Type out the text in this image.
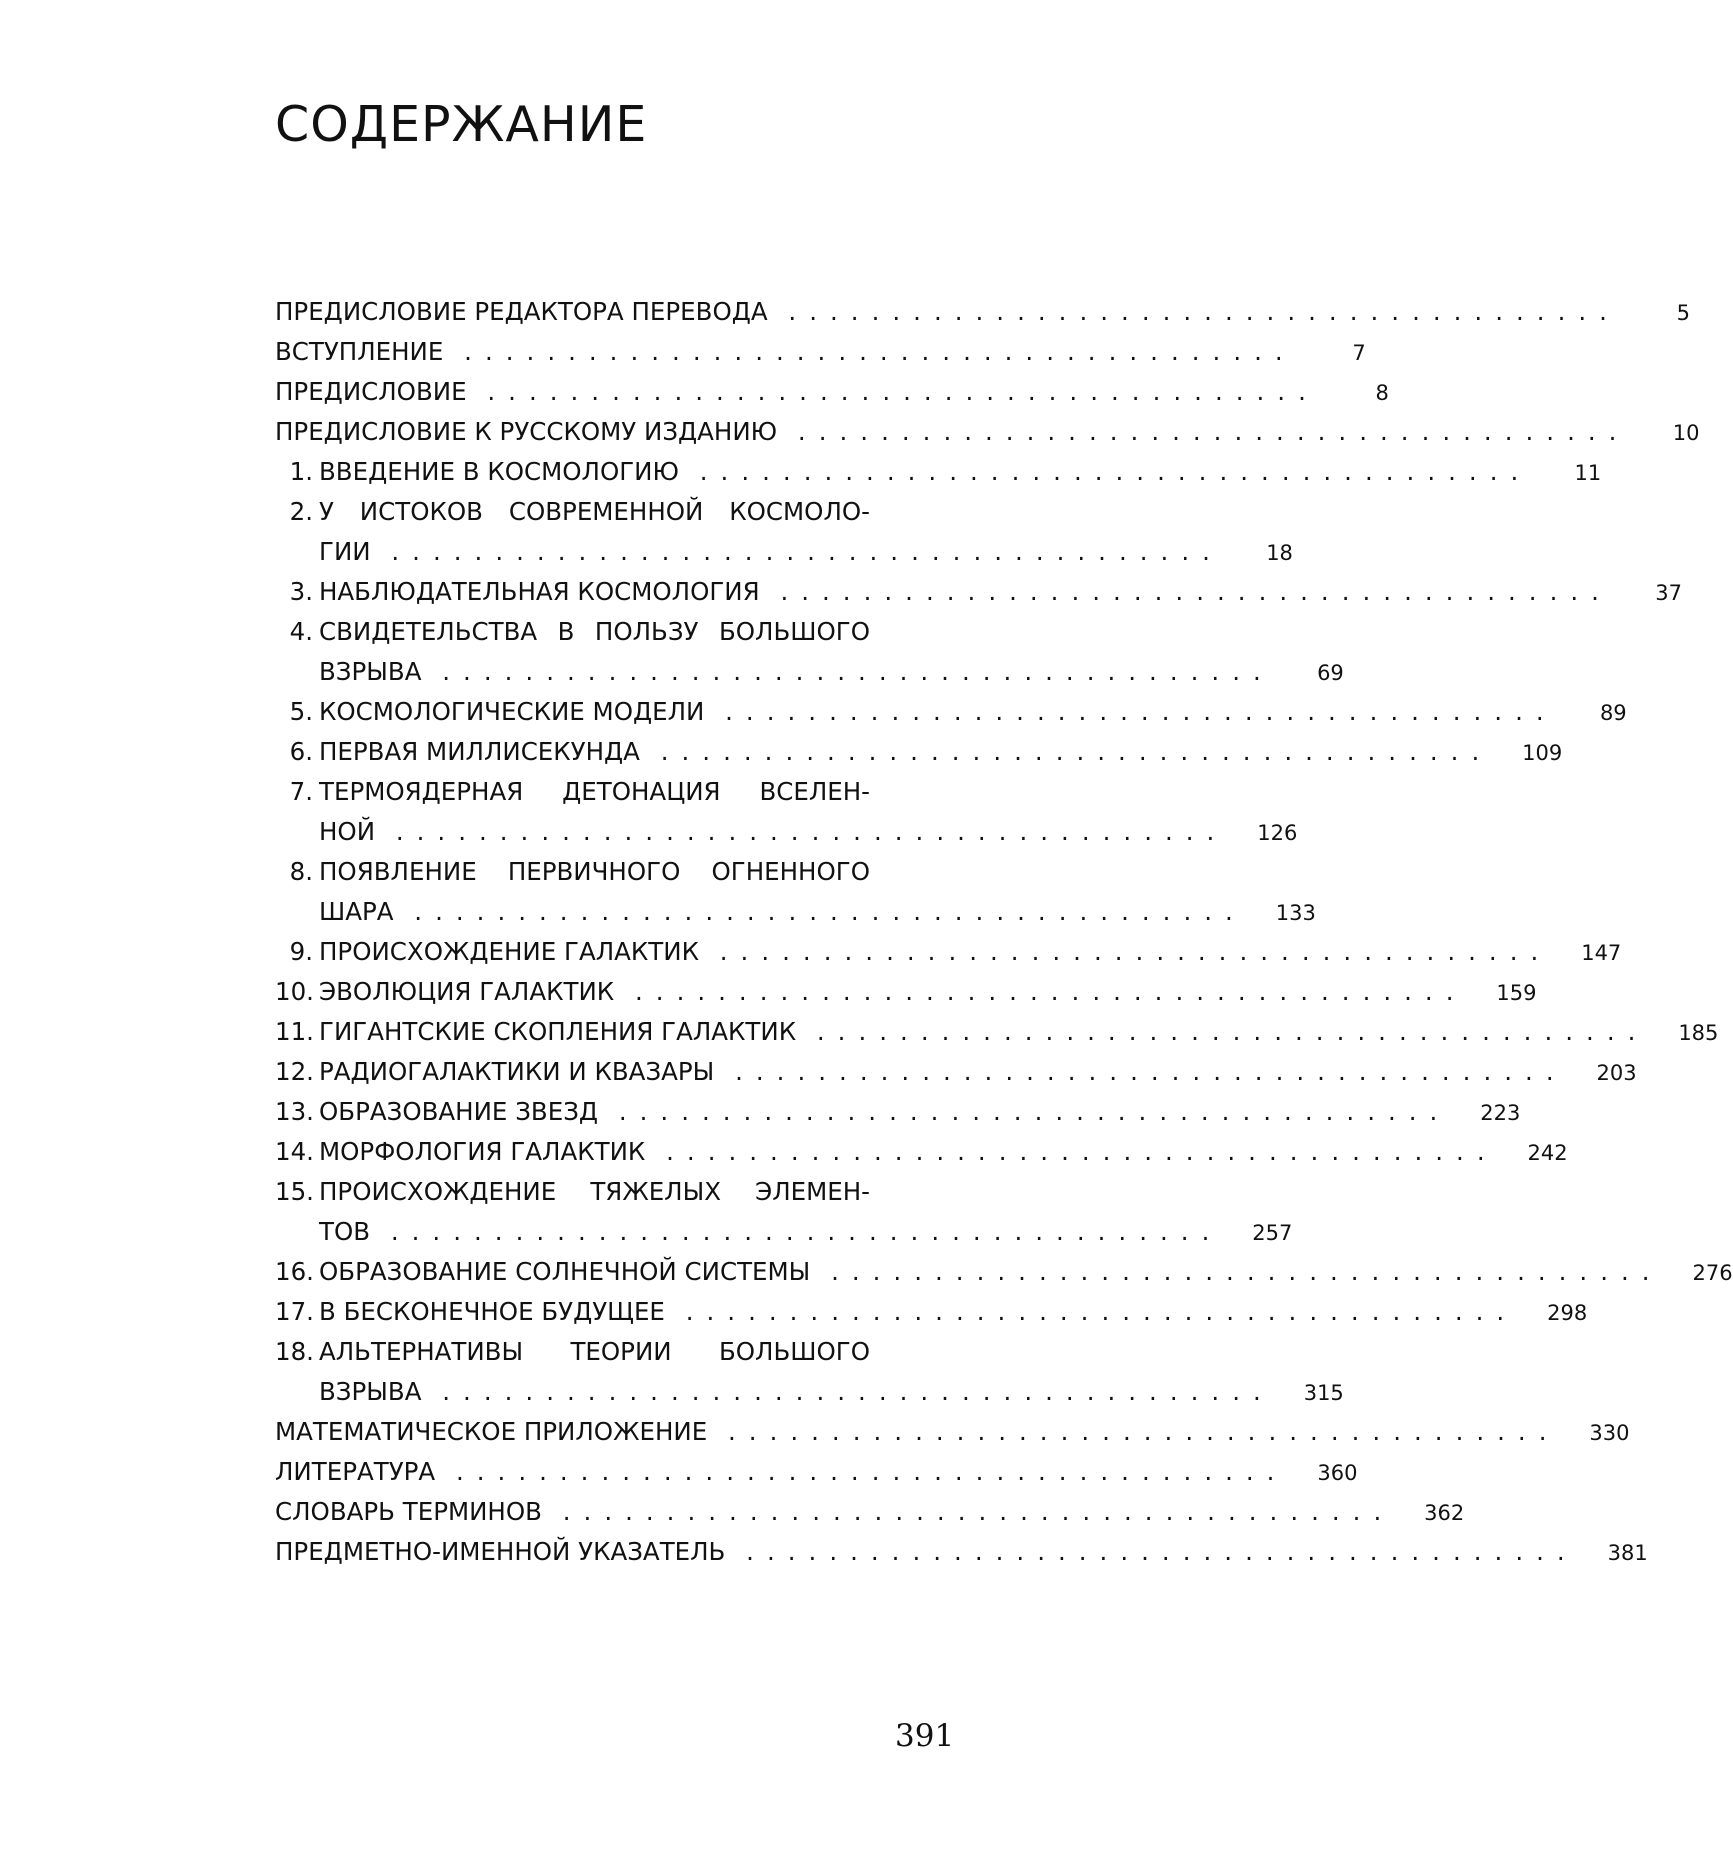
СОДЕРЖАНИЕ
ПРЕДИСЛОВИЕ РЕДАКТОРА ПЕРЕВОДА ........................................	5
ВСТУПЛЕНИЕ ........................................	7
ПРЕДИСЛОВИЕ ........................................	8
ПРЕДИСЛОВИЕ К РУССКОМУ ИЗДАНИЮ ........................................	10
1. ВВЕДЕНИЕ В КОСМОЛОГИЮ ........................................	11
2. У ИСТОКОВ СОВРЕМЕННОЙ КОСМОЛО-
ГИИ ........................................	18
3. НАБЛЮДАТЕЛЬНАЯ КОСМОЛОГИЯ ........................................	37
4. СВИДЕТЕЛЬСТВА В ПОЛЬЗУ БОЛЬШОГО
ВЗРЫВА ........................................	69
5. КОСМОЛОГИЧЕСКИЕ МОДЕЛИ ........................................	89
6. ПЕРВАЯ МИЛЛИСЕКУНДА ........................................	109
7. ТЕРМОЯДЕРНАЯ ДЕТОНАЦИЯ ВСЕЛЕН-
НОЙ ........................................	126
8. ПОЯВЛЕНИЕ ПЕРВИЧНОГО ОГНЕННОГО
ШАРА ........................................	133
9. ПРОИСХОЖДЕНИЕ ГАЛАКТИК ........................................	147
10. ЭВОЛЮЦИЯ ГАЛАКТИК ........................................	159
11. ГИГАНТСКИЕ СКОПЛЕНИЯ ГАЛАКТИК ........................................	185
12. РАДИОГАЛАКТИКИ И КВАЗАРЫ ........................................	203
13. ОБРАЗОВАНИЕ ЗВЕЗД ........................................	223
14. МОРФОЛОГИЯ ГАЛАКТИК ........................................	242
15. ПРОИСХОЖДЕНИЕ ТЯЖЕЛЫХ ЭЛЕМЕН-
ТОВ ........................................	257
16. ОБРАЗОВАНИЕ СОЛНЕЧНОЙ СИСТЕМЫ ........................................	276
17. В БЕСКОНЕЧНОЕ БУДУЩЕЕ ........................................	298
18. АЛЬТЕРНАТИВЫ ТЕОРИИ БОЛЬШОГО
ВЗРЫВА ........................................	315
МАТЕМАТИЧЕСКОЕ ПРИЛОЖЕНИЕ ........................................	330
ЛИТЕРАТУРА ........................................	360
СЛОВАРЬ ТЕРМИНОВ ........................................	362
ПРЕДМЕТНО-ИМЕННОЙ УКАЗАТЕЛЬ ........................................	381
391
